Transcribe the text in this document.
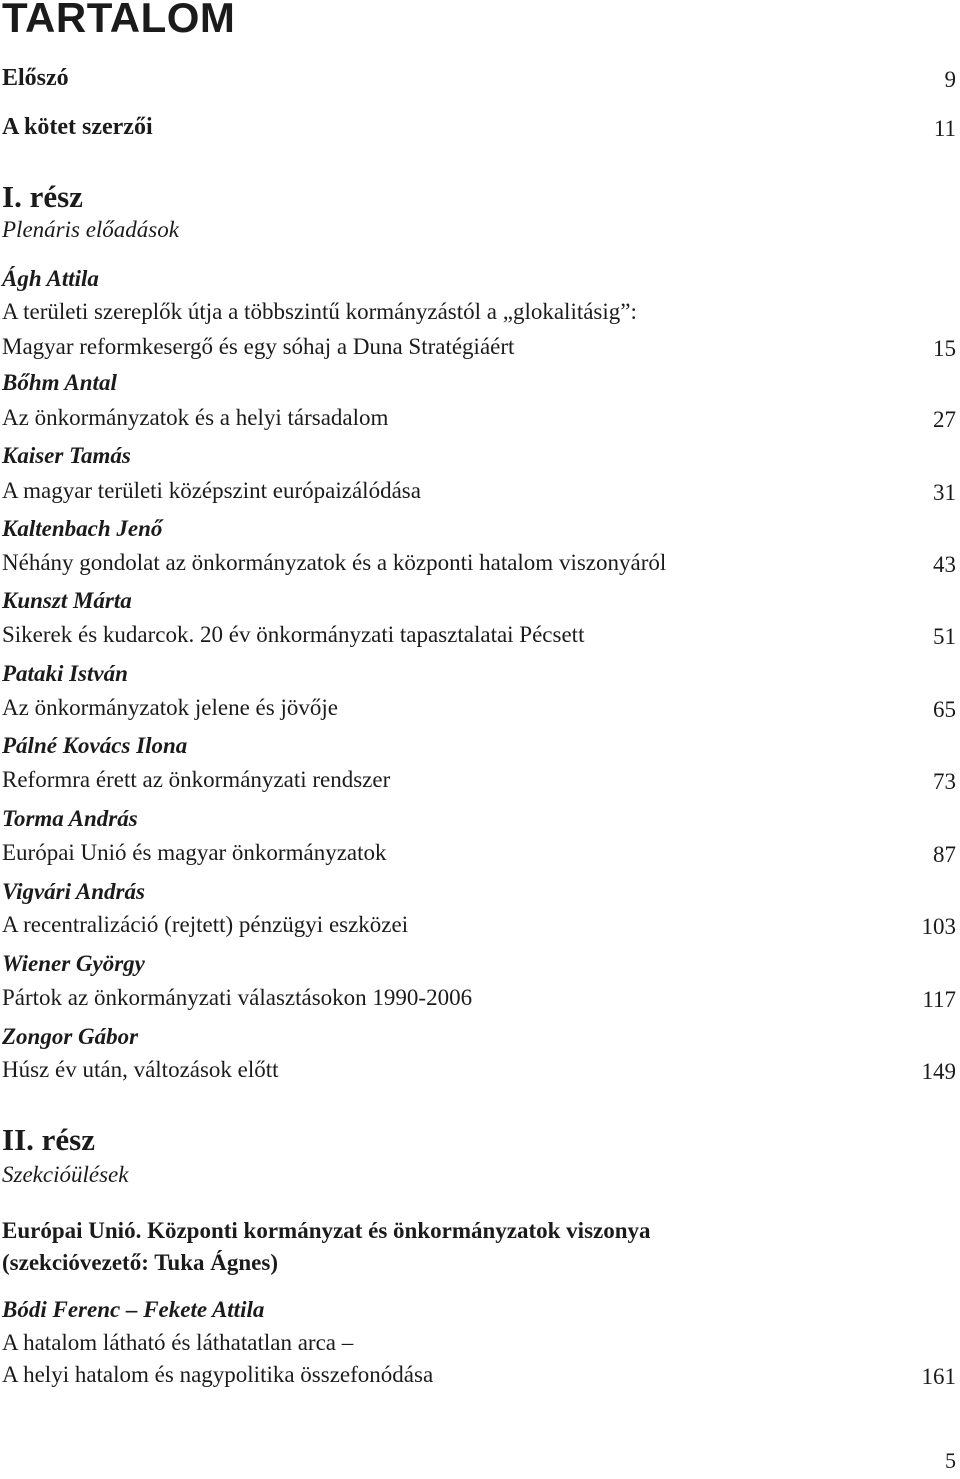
TARTALOM
Előszó	9
A kötet szerzői	11
I. rész
Plenáris előadások
Ágh Attila
A területi szereplők útja a többszintű kormányzástól a „glokalitásig”:
Magyar reformkesergő és egy sóhaj a Duna Stratégiáért	15
Bőhm Antal
Az önkormányzatok és a helyi társadalom	27
Kaiser Tamás
A magyar területi középszint európaizálódása	31
Kaltenbach Jenő
Néhány gondolat az önkormányzatok és a központi hatalom viszonyáról	43
Kunszt Márta
Sikerek és kudarcok. 20 év önkormányzati tapasztalatai Pécsett	51
Pataki István
Az önkormányzatok jelene és jövője	65
Pálné Kovács Ilona
Reformra érett az önkormányzati rendszer	73
Torma András
Európai Unió és magyar önkormányzatok	87
Vigvári András
A recentralizáció (rejtett) pénzügyi eszközei	103
Wiener György
Pártok az önkormányzati választásokon 1990-2006	117
Zongor Gábor
Húsz év után, változások előtt	149
II. rész
Szekcióülések
Európai Unió. Központi kormányzat és önkormányzatok viszonya
(szekcióvezető: Tuka Ágnes)
Bódi Ferenc – Fekete Attila
A hatalom látható és láthatatlan arca –
A helyi hatalom és nagypolitika összefonódása	161
5
